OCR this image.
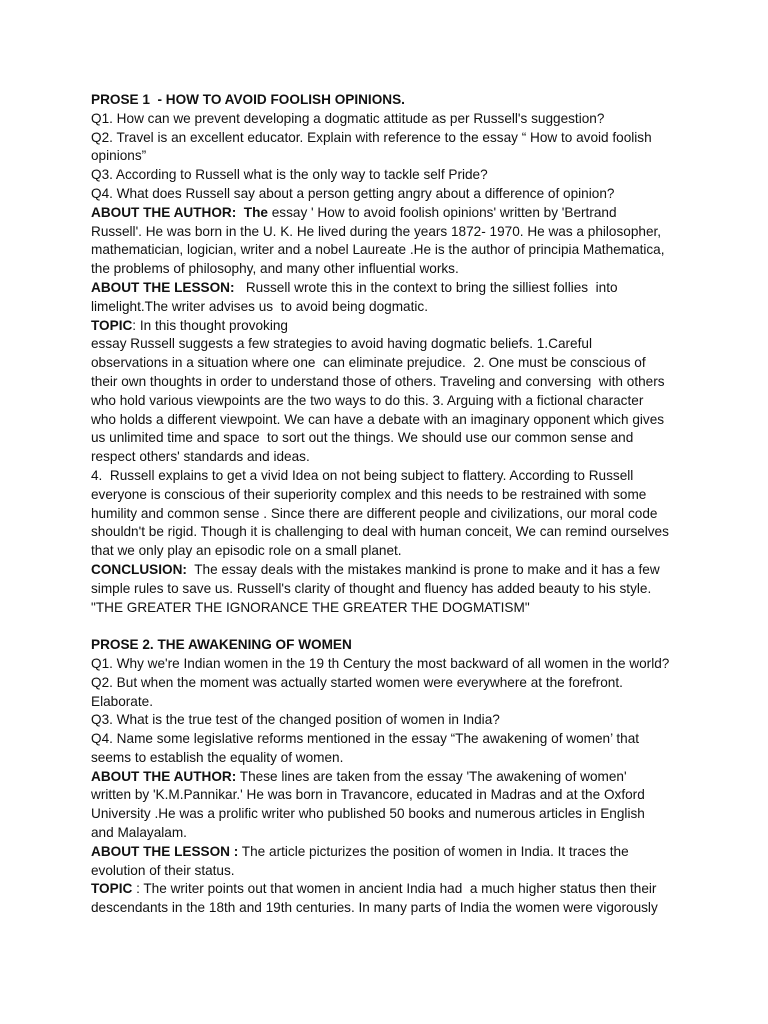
PROSE 1  - HOW TO AVOID FOOLISH OPINIONS.
Q1. How can we prevent developing a dogmatic attitude as per Russell's suggestion?
Q2. Travel is an excellent educator. Explain with reference to the essay “ How to avoid foolish
opinions”
Q3. According to Russell what is the only way to tackle self Pride?
Q4. What does Russell say about a person getting angry about a difference of opinion?
ABOUT THE AUTHOR:  The essay ' How to avoid foolish opinions' written by 'Bertrand
Russell'. He was born in the U. K. He lived during the years 1872- 1970. He was a philosopher,
mathematician, logician, writer and a nobel Laureate .He is the author of principia Mathematica,
the problems of philosophy, and many other influential works.
ABOUT THE LESSON:   Russell wrote this in the context to bring the silliest follies  into
limelight.The writer advises us  to avoid being dogmatic.
TOPIC: In this thought provoking
essay Russell suggests a few strategies to avoid having dogmatic beliefs. 1.Careful
observations in a situation where one  can eliminate prejudice.  2. One must be conscious of
their own thoughts in order to understand those of others. Traveling and conversing  with others
who hold various viewpoints are the two ways to do this. 3. Arguing with a fictional character
who holds a different viewpoint. We can have a debate with an imaginary opponent which gives
us unlimited time and space  to sort out the things. We should use our common sense and
respect others' standards and ideas.
4.  Russell explains to get a vivid Idea on not being subject to flattery. According to Russell
everyone is conscious of their superiority complex and this needs to be restrained with some
humility and common sense . Since there are different people and civilizations, our moral code
shouldn't be rigid. Though it is challenging to deal with human conceit, We can remind ourselves
that we only play an episodic role on a small planet.
CONCLUSION:  The essay deals with the mistakes mankind is prone to make and it has a few
simple rules to save us. Russell's clarity of thought and fluency has added beauty to his style.
"THE GREATER THE IGNORANCE THE GREATER THE DOGMATISM"
PROSE 2. THE AWAKENING OF WOMEN
Q1. Why we're Indian women in the 19 th Century the most backward of all women in the world?
Q2. But when the moment was actually started women were everywhere at the forefront.
Elaborate.
Q3. What is the true test of the changed position of women in India?
Q4. Name some legislative reforms mentioned in the essay “The awakening of women’ that
seems to establish the equality of women.
ABOUT THE AUTHOR: These lines are taken from the essay 'The awakening of women'
written by 'K.M.Pannikar.' He was born in Travancore, educated in Madras and at the Oxford
University .He was a prolific writer who published 50 books and numerous articles in English
and Malayalam.
ABOUT THE LESSON : The article picturizes the position of women in India. It traces the
evolution of their status.
TOPIC : The writer points out that women in ancient India had  a much higher status then their
descendants in the 18th and 19th centuries. In many parts of India the women were vigorously
